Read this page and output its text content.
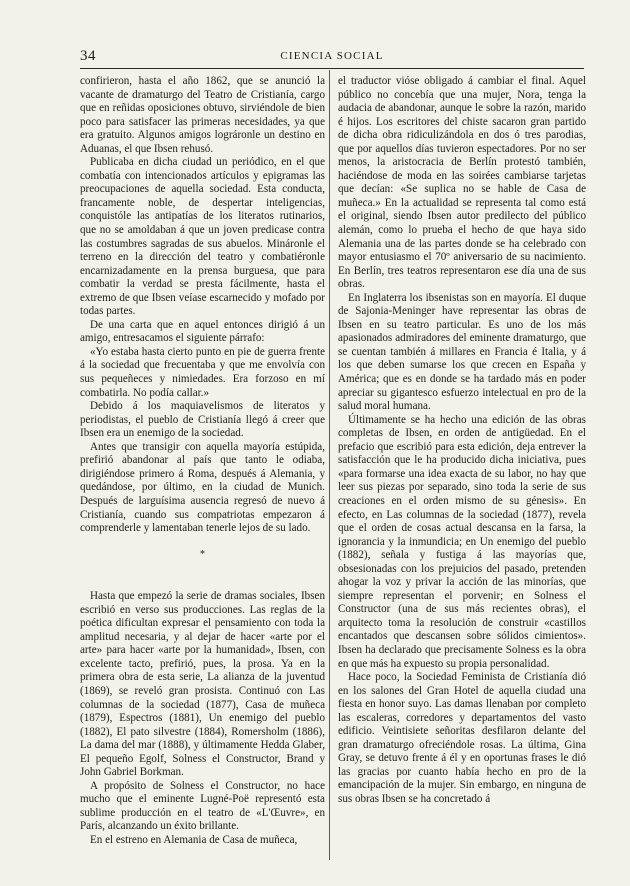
34	CIENCIA SOCIAL

confirieron, hasta el año 1862, que se anunció la vacante de dramaturgo del Teatro de Cristianía, cargo que en reñidas oposiciones obtuvo, sirviéndole de bien poco para satisfacer las primeras necesidades, ya que era gratuito. Algunos amigos lográronle un destino en Aduanas, el que Ibsen rehusó.

Publicaba en dicha ciudad un periódico, en el que combatía con intencionados artículos y epigramas las preocupaciones de aquella sociedad. Esta conducta, francamente noble, de despertar inteligencias, conquistóle las antipatías de los literatos rutinarios, que no se amoldaban á que un joven predicase contra las costumbres sagradas de sus abuelos. Mináronle el terreno en la dirección del teatro y combatiéronle encarnizadamente en la prensa burguesa, que para combatir la verdad se presta fácilmente, hasta el extremo de que Ibsen veíase escarnecido y mofado por todas partes.

De una carta que en aquel entonces dirigió á un amigo, entresacamos el siguiente párrafo:

«Yo estaba hasta cierto punto en pie de guerra frente á la sociedad que frecuentaba y que me envolvía con sus pequeñeces y nimiedades. Era forzoso en mí combatirla. No podía callar.»

Debido á los maquiavelismos de literatos y periodistas, el pueblo de Cristianía llegó á creer que Ibsen era un enemigo de la sociedad.

Antes que transigir con aquella mayoría estúpida, prefirió abandonar al país que tanto le odiaba, dirigiéndose primero á Roma, después á Alemania, y quedándose, por último, en la ciudad de Munich. Después de larguísima ausencia regresó de nuevo á Cristianía, cuando sus compatriotas empezaron á comprenderle y lamentaban tenerle lejos de su lado.

*

Hasta que empezó la serie de dramas sociales, Ibsen escribió en verso sus producciones. Las reglas de la poética dificultan expresar el pensamiento con toda la amplitud necesaria, y al dejar de hacer «arte por el arte» para hacer «arte por la humanidad», Ibsen, con excelente tacto, prefirió, pues, la prosa. Ya en la primera obra de esta serie, La alianza de la juventud (1869), se reveló gran prosista. Continuó con Las columnas de la sociedad (1877), Casa de muñeca (1879), Espectros (1881), Un enemigo del pueblo (1882), El pato silvestre (1884), Romersholm (1886), La dama del mar (1888), y últimamente Hedda Glaber, El pequeño Egolf, Solness el Constructor, Brand y John Gabriel Borkman.

A propósito de Solness el Constructor, no hace mucho que el eminente Lugné-Poë representó esta sublime producción en el teatro de «L'Œuvre», en París, alcanzando un éxito brillante.

En el estreno en Alemania de Casa de muñeca,

el traductor vióse obligado á cambiar el final. Aquel público no concebía que una mujer, Nora, tenga la audacia de abandonar, aunque le sobre la razón, marido é hijos. Los escritores del chiste sacaron gran partido de dicha obra ridiculizándola en dos ó tres parodias, que por aquellos días tuvieron espectadores. Por no ser menos, la aristocracia de Berlín protestó también, haciéndose de moda en las soirées cambiarse tarjetas que decían: «Se suplica no se hable de Casa de muñeca.» En la actualidad se representa tal como está el original, siendo Ibsen autor predilecto del público alemán, como lo prueba el hecho de que haya sido Alemania una de las partes donde se ha celebrado con mayor entusiasmo el 70º aniversario de su nacimiento. En Berlín, tres teatros representaron ese día una de sus obras.

En Inglaterra los ibsenistas son en mayoría. El duque de Sajonia-Meninger have representar las obras de Ibsen en su teatro particular. Es uno de los más apasionados admiradores del eminente dramaturgo, que se cuentan también á millares en Francia é Italia, y á los que deben sumarse los que crecen en España y América; que es en donde se ha tardado más en poder apreciar su gigantesco esfuerzo intelectual en pro de la salud moral humana.

Últimamente se ha hecho una edición de las obras completas de Ibsen, en orden de antigüedad. En el prefacio que escribió para esta edición, deja entrever la satisfacción que le ha producido dicha iniciativa, pues «para formarse una idea exacta de su labor, no hay que leer sus piezas por separado, sino toda la serie de sus creaciones en el orden mismo de su génesis». En efecto, en Las columnas de la sociedad (1877), revela que el orden de cosas actual descansa en la farsa, la ignorancia y la inmundicia; en Un enemigo del pueblo (1882), señala y fustiga á las mayorías que, obsesionadas con los prejuicios del pasado, pretenden ahogar la voz y privar la acción de las minorías, que siempre representan el porvenir; en Solness el Constructor (una de sus más recientes obras), el arquitecto toma la resolución de construir «castillos encantados que descansen sobre sólidos cimientos». Ibsen ha declarado que precisamente Solness es la obra en que más ha expuesto su propia personalidad.

Hace poco, la Sociedad Feminista de Cristianía dió en los salones del Gran Hotel de aquella ciudad una fiesta en honor suyo. Las damas llenaban por completo las escaleras, corredores y departamentos del vasto edificio. Veintisiete señoritas desfilaron delante del gran dramaturgo ofreciéndole rosas. La última, Gina Gray, se detuvo frente á él y en oportunas frases le dió las gracias por cuanto había hecho en pro de la emancipación de la mujer. Sin embargo, en ninguna de sus obras Ibsen se ha concretado á
